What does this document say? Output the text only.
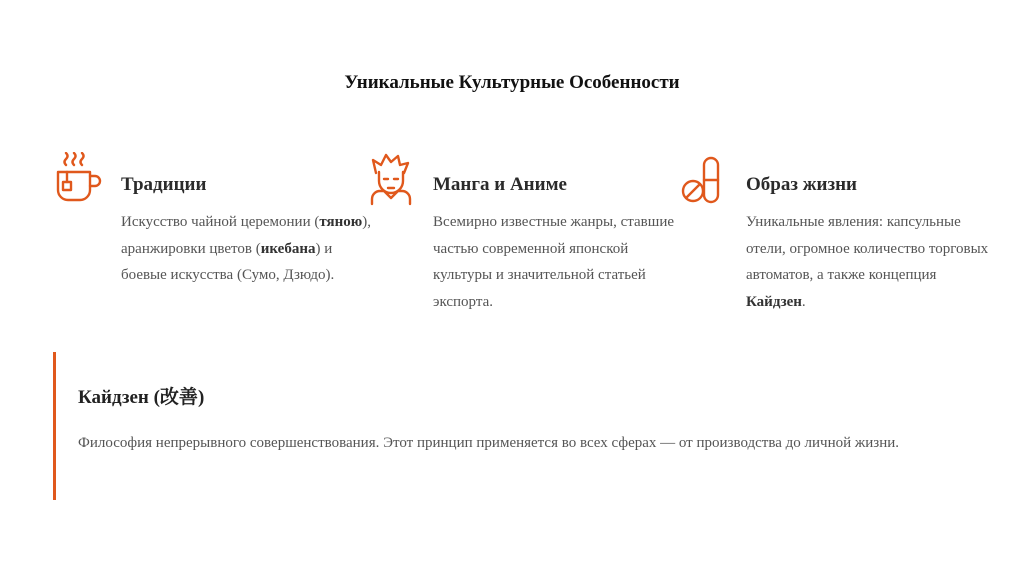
Уникальные Культурные Особенности
Традиции
Искусство чайной церемонии (тяною), аранжировки цветов (икебана) и боевые искусства (Сумо, Дзюдо).
Манга и Аниме
Всемирно известные жанры, ставшие частью современной японской культуры и значительной статьей экспорта.
Образ жизни
Уникальные явления: капсульные отели, огромное количество торговых автоматов, а также концепция Кайдзен.
Кайдзен (改善)
Философия непрерывного совершенствования. Этот принцип применяется во всех сферах — от производства до личной жизни.
